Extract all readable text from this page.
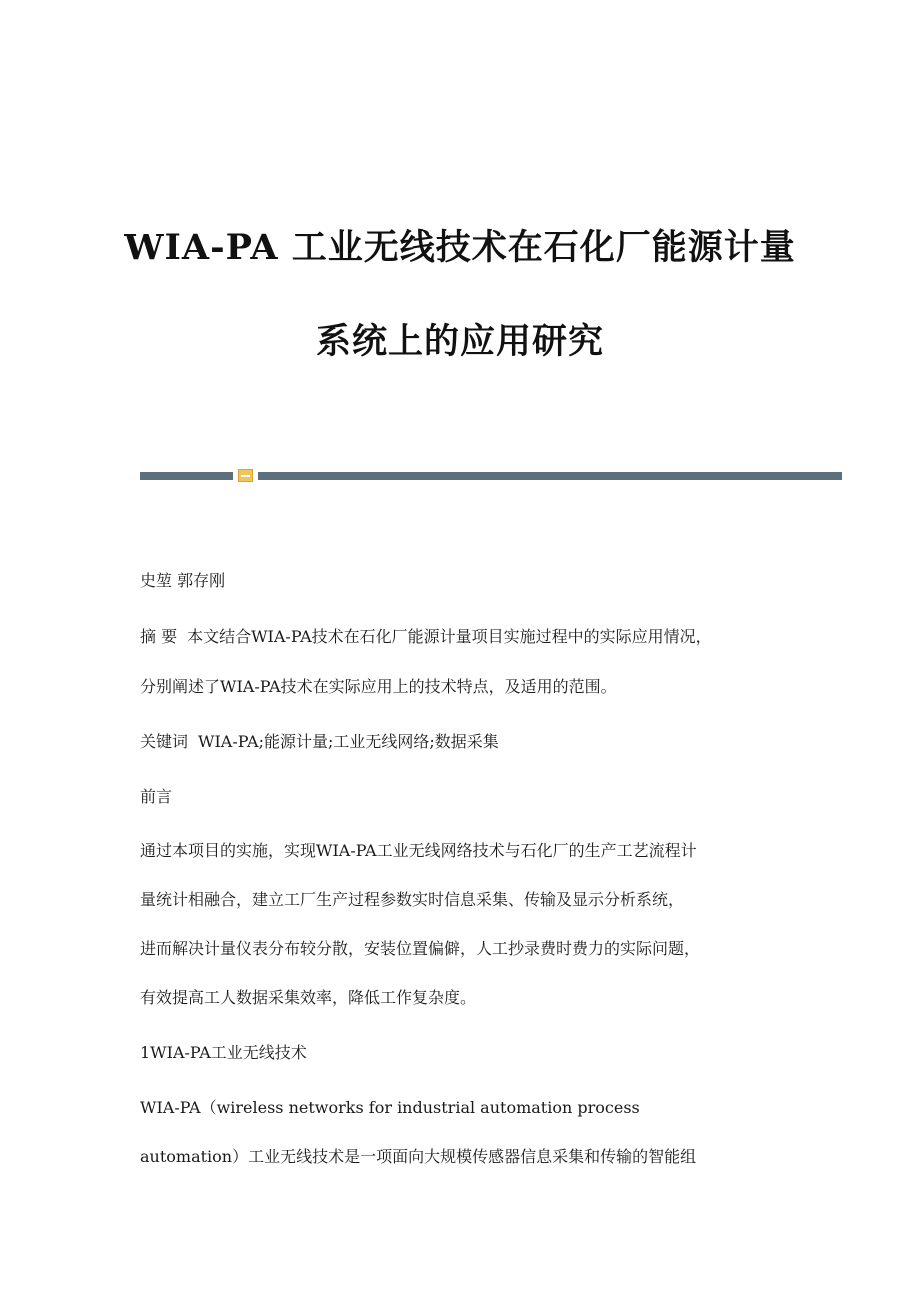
WIA-PA 工业无线技术在石化厂能源计量
系统上的应用研究
史堃 郭存刚
摘 要 本文结合WIA-PA技术在石化厂能源计量项目实施过程中的实际应用情况，
分别阐述了WIA-PA技术在实际应用上的技术特点，及适用的范围。
关键词 WIA-PA;能源计量;工业无线网络;数据采集
前言
通过本项目的实施，实现WIA-PA工业无线网络技术与石化厂的生产工艺流程计
量统计相融合，建立工厂生产过程参数实时信息采集、传输及显示分析系统，
进而解决计量仪表分布较分散，安装位置偏僻，人工抄录费时费力的实际问题，
有效提高工人数据采集效率，降低工作复杂度。
1WIA-PA工业无线技术
WIA-PA（wireless networks for industrial automation process
automation）工业无线技术是一项面向大规模传感器信息采集和传输的智能组
